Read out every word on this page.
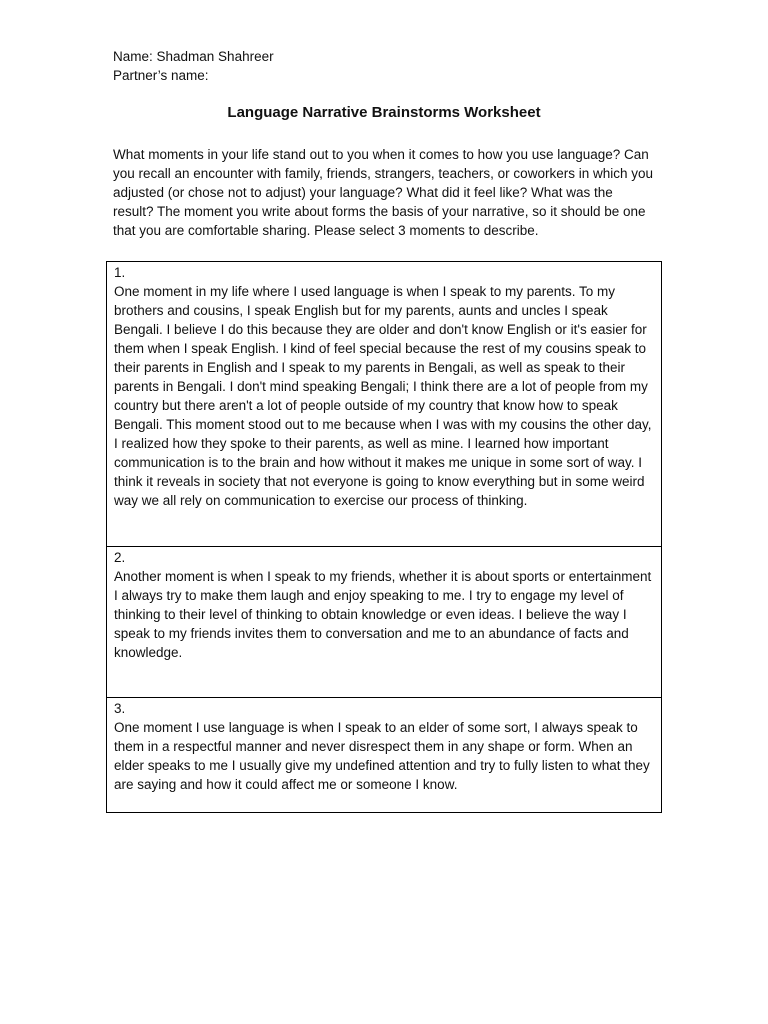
Name: Shadman Shahreer
Partner’s name:
Language Narrative Brainstorms Worksheet
What moments in your life stand out to you when it comes to how you use language? Can you recall an encounter with family, friends, strangers, teachers, or coworkers in which you adjusted (or chose not to adjust) your language? What did it feel like? What was the result? The moment you write about forms the basis of your narrative, so it should be one that you are comfortable sharing. Please select 3 moments to describe.
1.
One moment in my life where I used language is when I speak to my parents. To my brothers and cousins, I speak English but for my parents, aunts and uncles I speak Bengali. I believe I do this because they are older and don't know English or it's easier for them when I speak English. I kind of feel special because the rest of my cousins speak to their parents in English and I speak to my parents in Bengali, as well as speak to their parents in Bengali. I don't mind speaking Bengali; I think there are a lot of people from my country but there aren't a lot of people outside of my country that know how to speak Bengali. This moment stood out to me because when I was with my cousins the other day, I realized how they spoke to their parents, as well as mine. I learned how important communication is to the brain and how without it makes me unique in some sort of way. I think it reveals in society that not everyone is going to know everything but in some weird way we all rely on communication to exercise our process of thinking.
2.
Another moment is when I speak to my friends, whether it is about sports or entertainment I always try to make them laugh and enjoy speaking to me. I try to engage my level of thinking to their level of thinking to obtain knowledge or even ideas. I believe the way I speak to my friends invites them to conversation and me to an abundance of facts and knowledge.
3.
One moment I use language is when I speak to an elder of some sort, I always speak to them in a respectful manner and never disrespect them in any shape or form. When an elder speaks to me I usually give my undefined attention and try to fully listen to what they are saying and how it could affect me or someone I know.
